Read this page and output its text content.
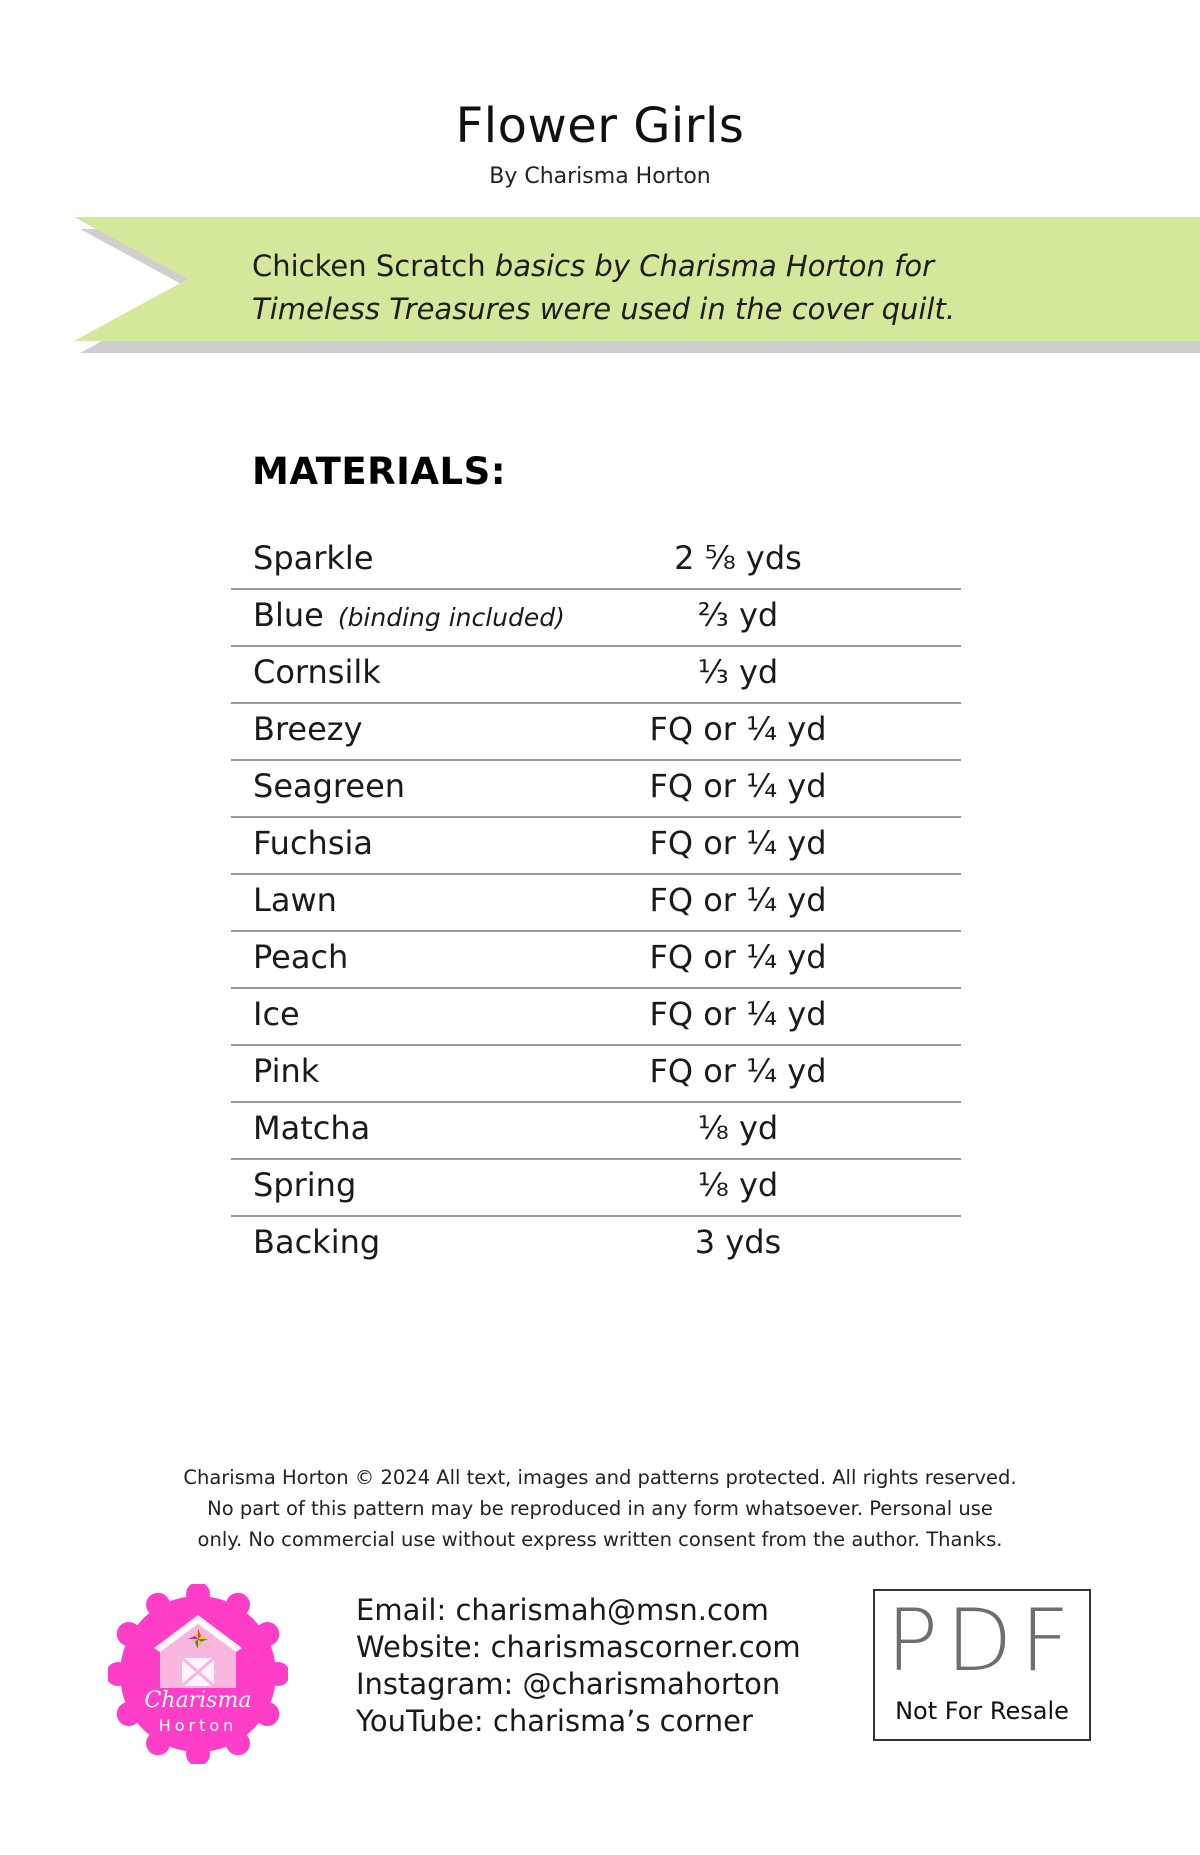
Flower Girls
By Charisma Horton
Chicken Scratch basics by Charisma Horton for
Timeless Treasures were used in the cover quilt.
MATERIALS:
Sparkle	2 ⅝ yds
Blue (binding included)	⅔ yd
Cornsilk	⅓ yd
Breezy	FQ or ¼ yd
Seagreen	FQ or ¼ yd
Fuchsia	FQ or ¼ yd
Lawn	FQ or ¼ yd
Peach	FQ or ¼ yd
Ice	FQ or ¼ yd
Pink	FQ or ¼ yd
Matcha	⅛ yd
Spring	⅛ yd
Backing	3 yds
Charisma Horton © 2024 All text, images and patterns protected. All rights reserved.
No part of this pattern may be reproduced in any form whatsoever. Personal use
only. No commercial use without express written consent from the author. Thanks.
Charisma
Horton
Email: charismah@msn.com
Website: charismascorner.com
Instagram: @charismahorton
YouTube: charisma’s corner
PDF
Not For Resale
